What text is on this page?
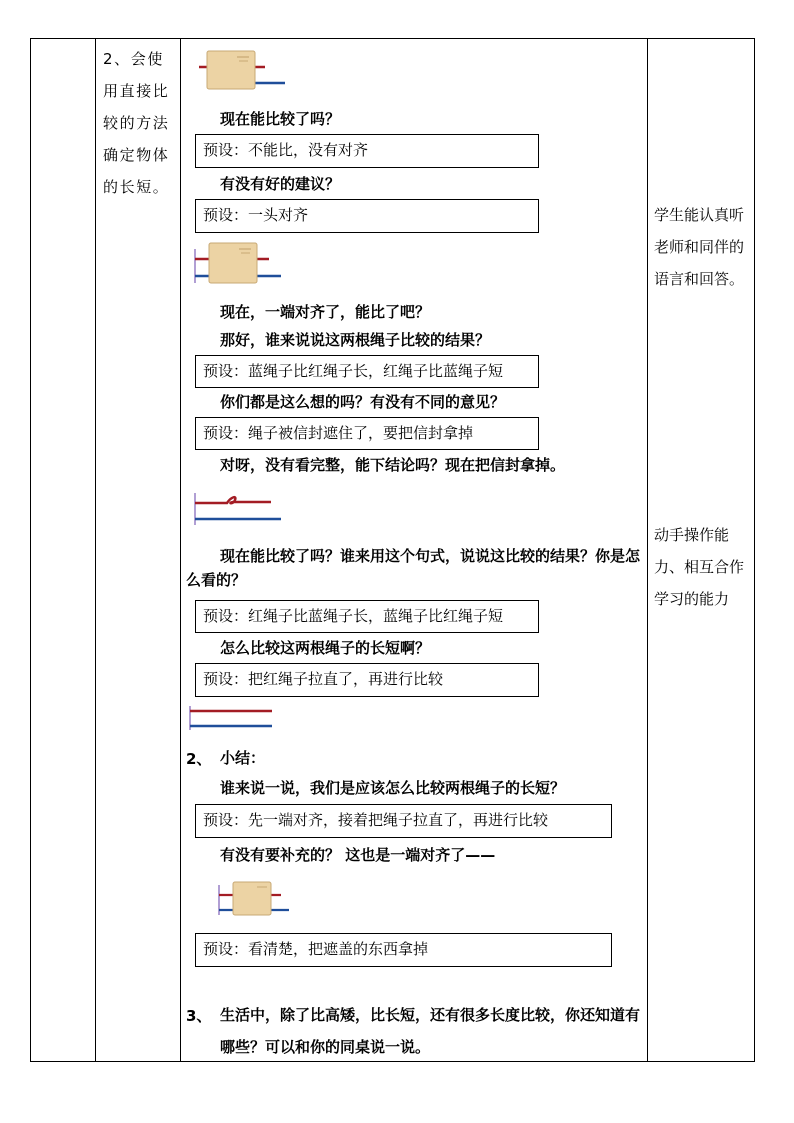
2、会使用直接比较的方法确定物体的长短。
学生能认真听老师和同伴的语言和回答。
动手操作能力、相互合作学习的能力
现在能比较了吗？
预设：不能比，没有对齐
有没有好的建议？
预设：一头对齐
现在，一端对齐了，能比了吧？
那好，谁来说说这两根绳子比较的结果？
预设：蓝绳子比红绳子长，红绳子比蓝绳子短
你们都是这么想的吗？有没有不同的意见？
预设：绳子被信封遮住了，要把信封拿掉
对呀，没有看完整，能下结论吗？现在把信封拿掉。
现在能比较了吗？谁来用这个句式，说说这比较的结果？你是怎么看的？
预设：红绳子比蓝绳子长，蓝绳子比红绳子短
怎么比较这两根绳子的长短啊？
预设：把红绳子拉直了，再进行比较
2、 小结：
谁来说一说，我们是应该怎么比较两根绳子的长短？
预设：先一端对齐，接着把绳子拉直了，再进行比较
有没有要补充的？ 这也是一端对齐了——
预设：看清楚，把遮盖的东西拿掉
3、 生活中，除了比高矮，比长短，还有很多长度比较，你还知道有哪些？可以和你的同桌说一说。
